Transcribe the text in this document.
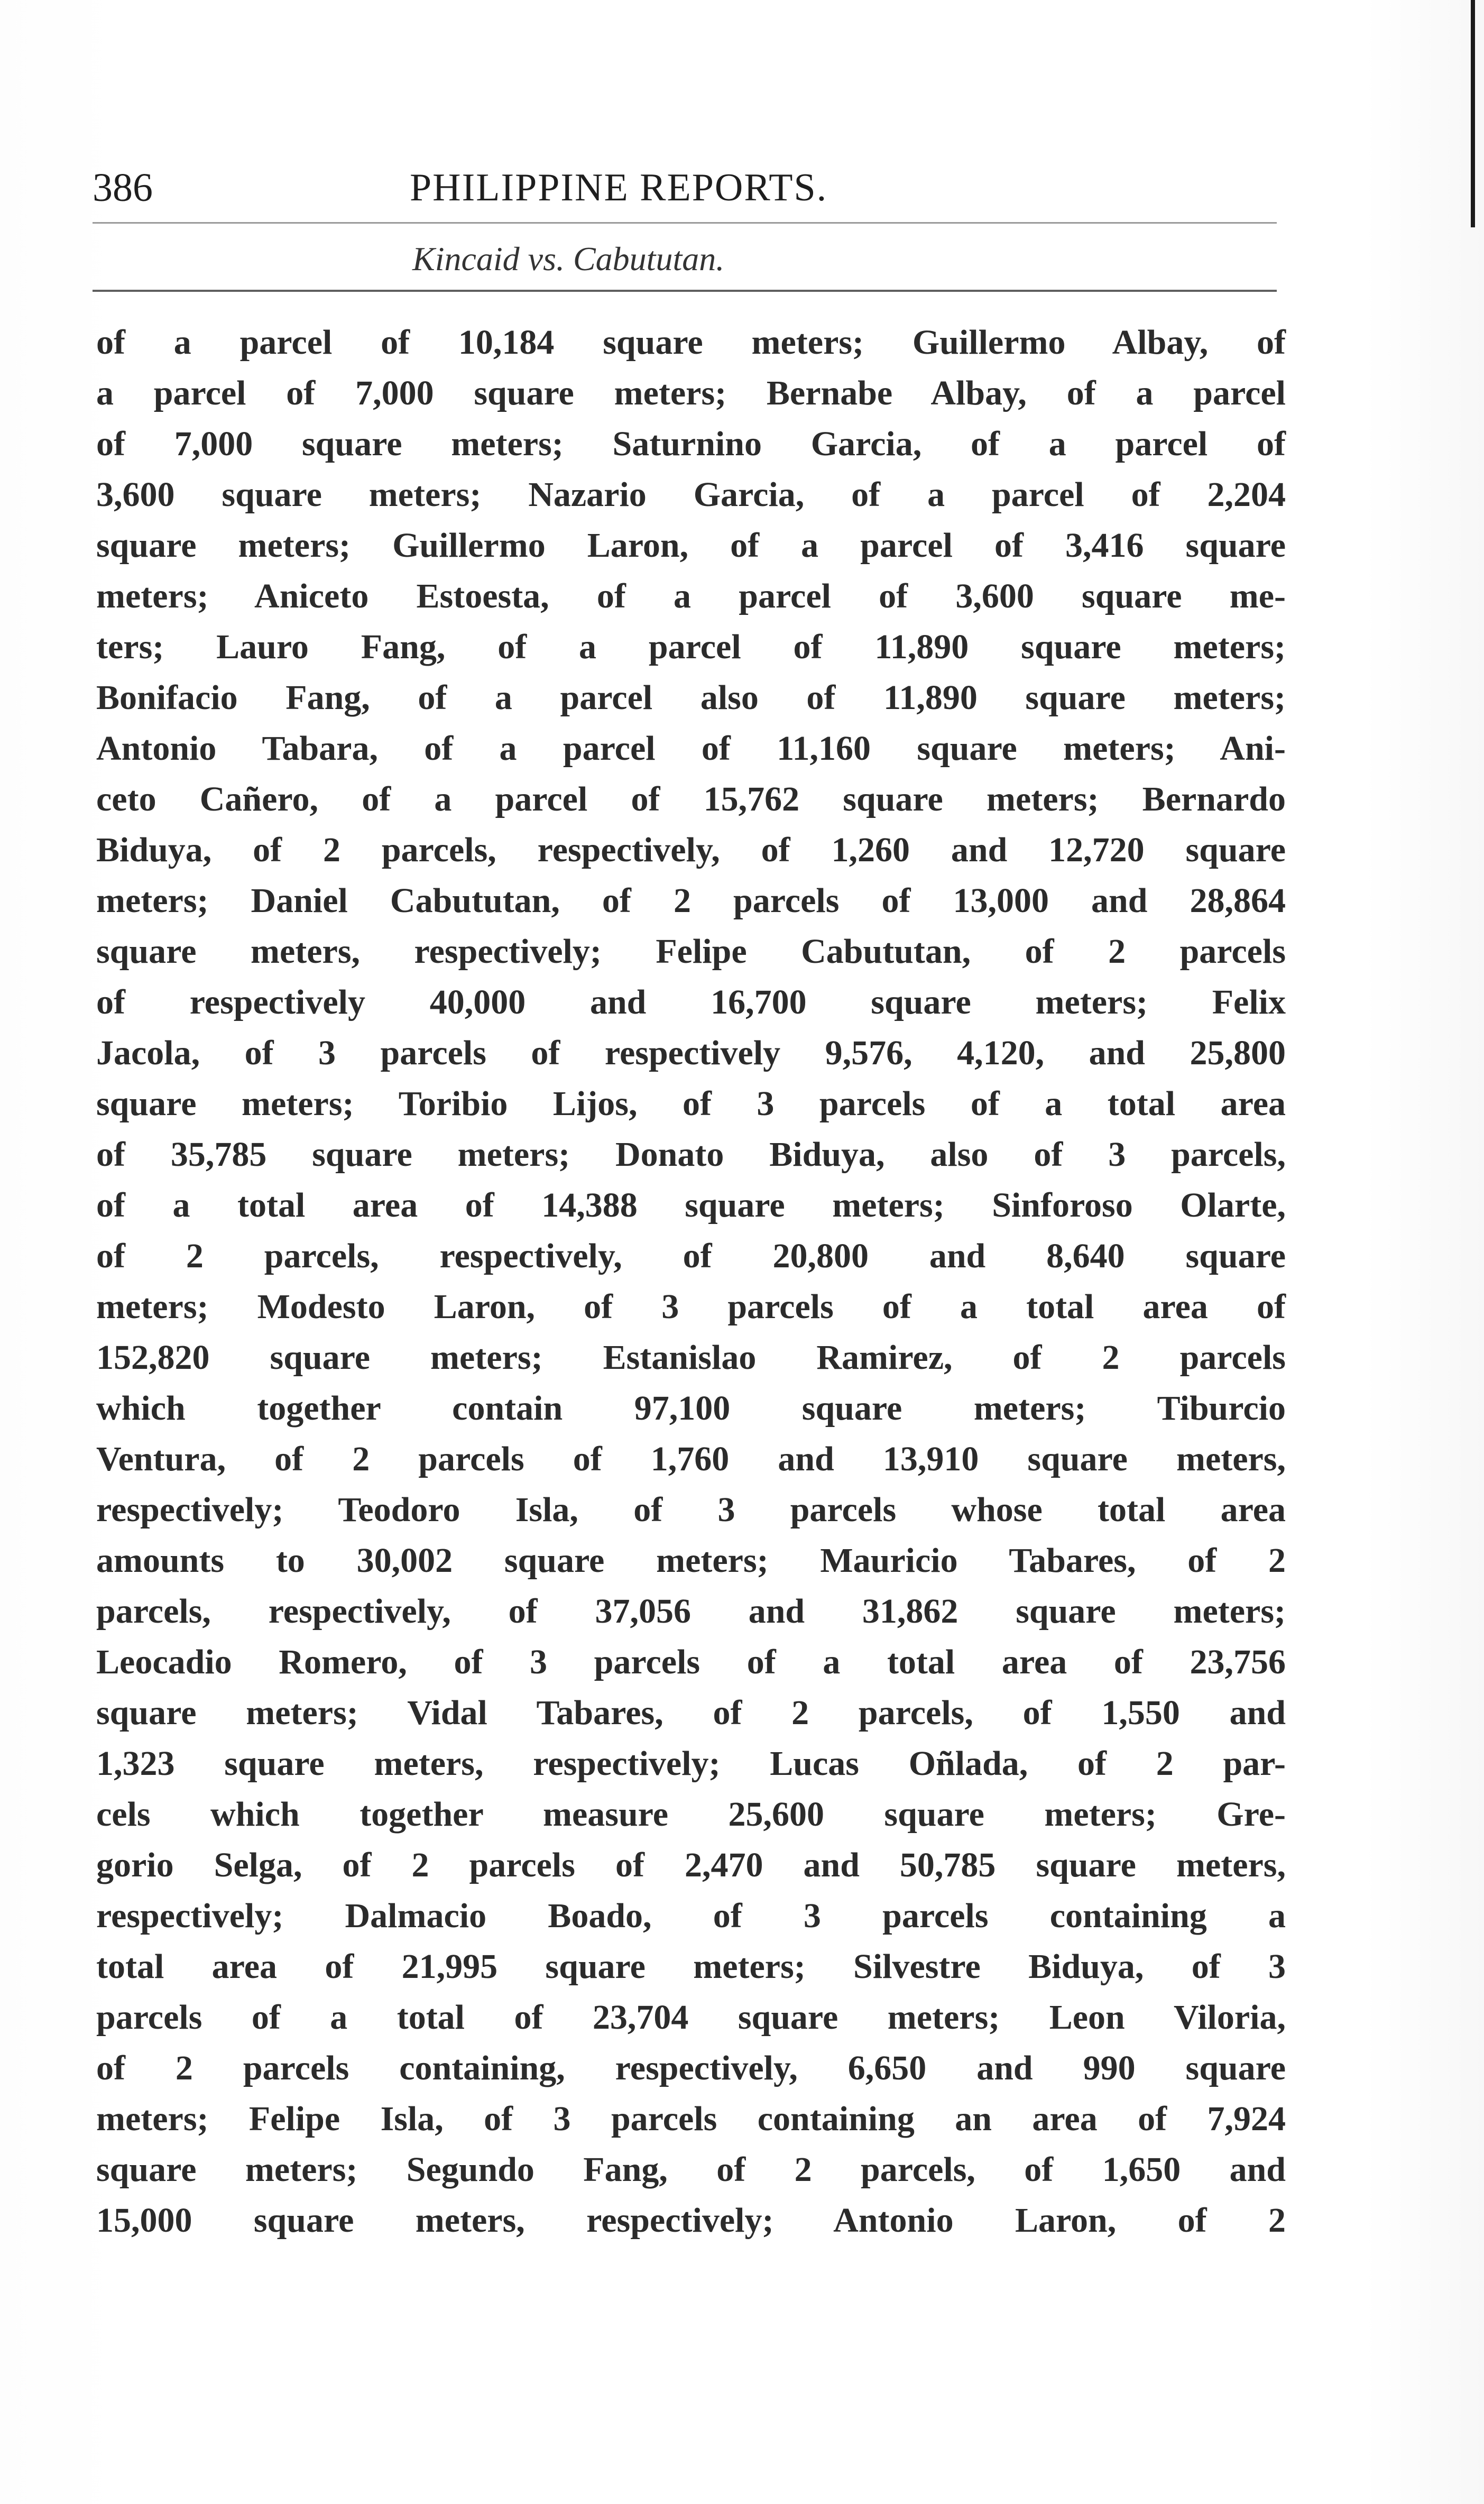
386	PHILIPPINE REPORTS.
Kincaid vs. Cabututan.
of a parcel of 10,184 square meters; Guillermo Albay, of
a parcel of 7,000 square meters; Bernabe Albay, of a parcel
of 7,000 square meters; Saturnino Garcia, of a parcel of
3,600 square meters; Nazario Garcia, of a parcel of 2,204
square meters; Guillermo Laron, of a parcel of 3,416 square
meters; Aniceto Estoesta, of a parcel of 3,600 square me-
ters; Lauro Fang, of a parcel of 11,890 square meters;
Bonifacio Fang, of a parcel also of 11,890 square meters;
Antonio Tabara, of a parcel of 11,160 square meters; Ani-
ceto Cañero, of a parcel of 15,762 square meters; Bernardo
Biduya, of 2 parcels, respectively, of 1,260 and 12,720 square
meters; Daniel Cabututan, of 2 parcels of 13,000 and 28,864
square meters, respectively; Felipe Cabututan, of 2 parcels
of respectively 40,000 and 16,700 square meters; Felix
Jacola, of 3 parcels of respectively 9,576, 4,120, and 25,800
square meters; Toribio Lijos, of 3 parcels of a total area
of 35,785 square meters; Donato Biduya, also of 3 parcels,
of a total area of 14,388 square meters; Sinforoso Olarte,
of 2 parcels, respectively, of 20,800 and 8,640 square
meters; Modesto Laron, of 3 parcels of a total area of
152,820 square meters; Estanislao Ramirez, of 2 parcels
which together contain 97,100 square meters; Tiburcio
Ventura, of 2 parcels of 1,760 and 13,910 square meters,
respectively; Teodoro Isla, of 3 parcels whose total area
amounts to 30,002 square meters; Mauricio Tabares, of 2
parcels, respectively, of 37,056 and 31,862 square meters;
Leocadio Romero, of 3 parcels of a total area of 23,756
square meters; Vidal Tabares, of 2 parcels, of 1,550 and
1,323 square meters, respectively; Lucas Oñlada, of 2 par-
cels which together measure 25,600 square meters; Gre-
gorio Selga, of 2 parcels of 2,470 and 50,785 square meters,
respectively; Dalmacio Boado, of 3 parcels containing a
total area of 21,995 square meters; Silvestre Biduya, of 3
parcels of a total of 23,704 square meters; Leon Viloria,
of 2 parcels containing, respectively, 6,650 and 990 square
meters; Felipe Isla, of 3 parcels containing an area of 7,924
square meters; Segundo Fang, of 2 parcels, of 1,650 and
15,000 square meters, respectively; Antonio Laron, of 2
